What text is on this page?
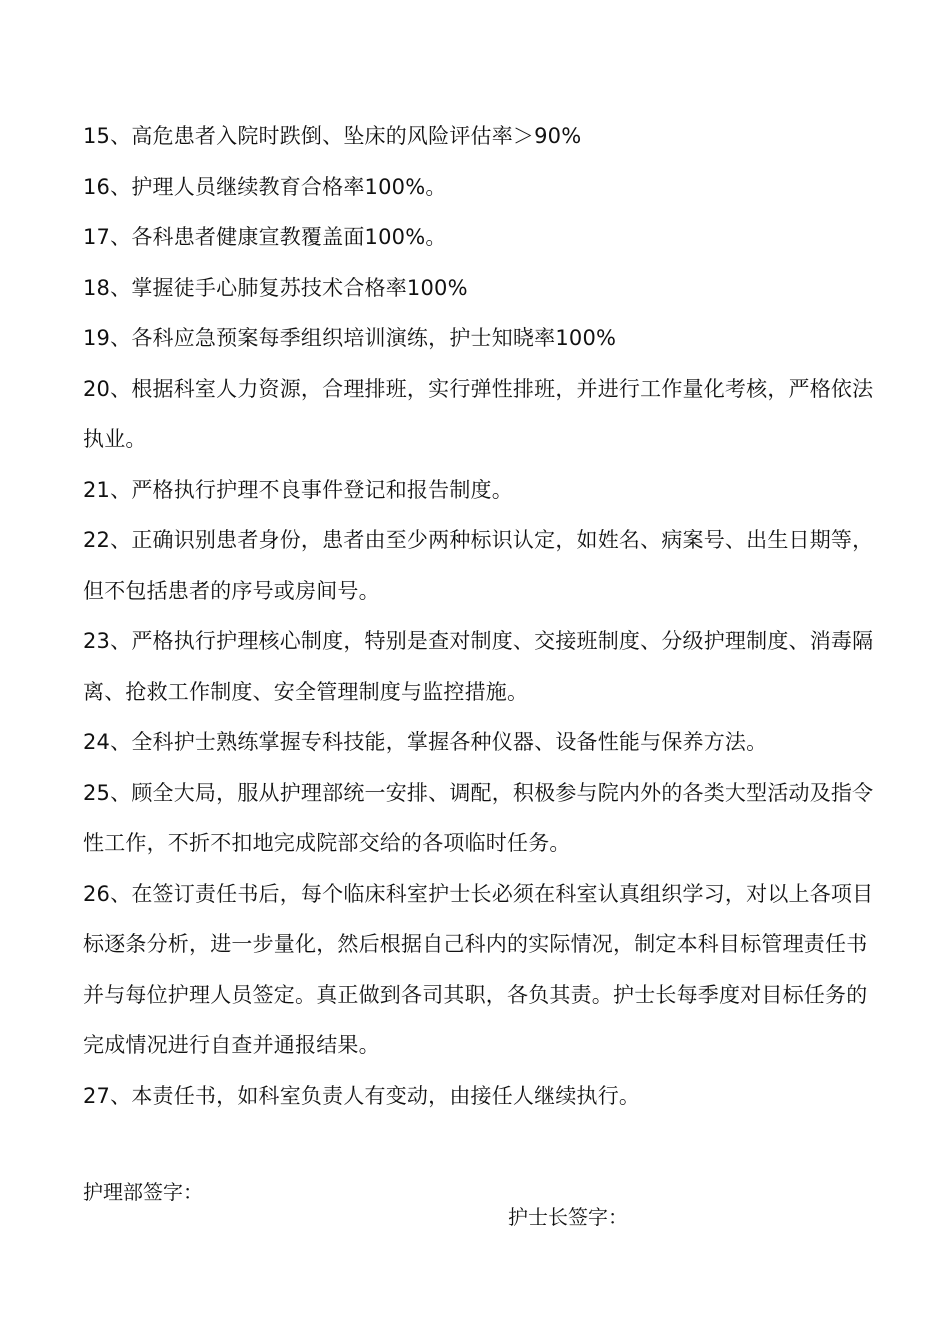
15、高危患者入院时跌倒、坠床的风险评估率＞90%
16、护理人员继续教育合格率100%。
17、各科患者健康宣教覆盖面100%。
18、掌握徒手心肺复苏技术合格率100%
19、各科应急预案每季组织培训演练，护士知晓率100%
20、根据科室人力资源，合理排班，实行弹性排班，并进行工作量化考核，严格依法
执业。
21、严格执行护理不良事件登记和报告制度。
22、正确识别患者身份，患者由至少两种标识认定，如姓名、病案号、出生日期等，
但不包括患者的序号或房间号。
23、严格执行护理核心制度，特别是查对制度、交接班制度、分级护理制度、消毒隔
离、抢救工作制度、安全管理制度与监控措施。
24、全科护士熟练掌握专科技能，掌握各种仪器、设备性能与保养方法。
25、顾全大局，服从护理部统一安排、调配，积极参与院内外的各类大型活动及指令
性工作，不折不扣地完成院部交给的各项临时任务。
26、在签订责任书后，每个临床科室护士长必须在科室认真组织学习，对以上各项目
标逐条分析，进一步量化，然后根据自己科内的实际情况，制定本科目标管理责任书
并与每位护理人员签定。真正做到各司其职，各负其责。护士长每季度对目标任务的
完成情况进行自查并通报结果。
27、本责任书，如科室负责人有变动，由接任人继续执行。
护理部签字：
护士长签字：
